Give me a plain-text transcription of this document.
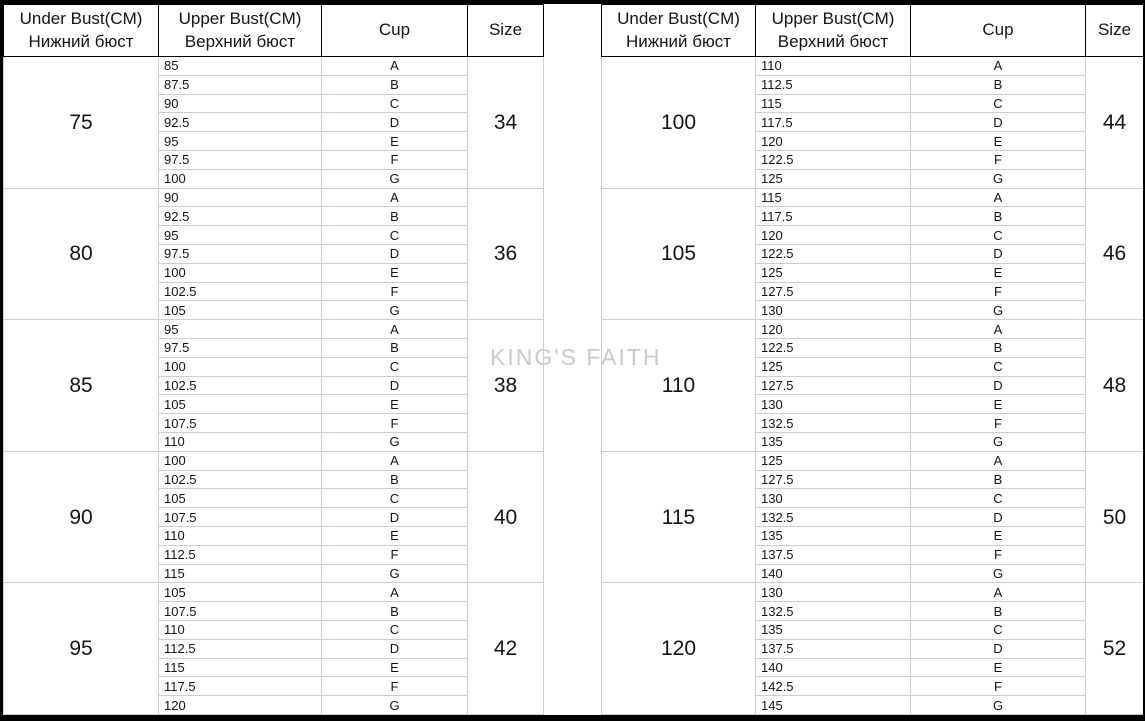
Under Bust(CM)
Нижний бюст	Upper Bust(CM)
Верхний бюст	Cup	Size
75	85	A	34
	87.5	B	
	90	C	
	92.5	D	
	95	E	
	97.5	F	
	100	G	
80	90	A	36
	92.5	B	
	95	C	
	97.5	D	
	100	E	
	102.5	F	
	105	G	
85	95	A	38
	97.5	B	
	100	C	
	102.5	D	
	105	E	
	107.5	F	
	110	G	
90	100	A	40
	102.5	B	
	105	C	
	107.5	D	
	110	E	
	112.5	F	
	115	G	
95	105	A	42
	107.5	B	
	110	C	
	112.5	D	
	115	E	
	117.5	F	
	120	G	
Under Bust(CM)
Нижний бюст	Upper Bust(CM)
Верхний бюст	Cup	Size
100	110	A	44
	112.5	B	
	115	C	
	117.5	D	
	120	E	
	122.5	F	
	125	G	
105	115	A	46
	117.5	B	
	120	C	
	122.5	D	
	125	E	
	127.5	F	
	130	G	
110	120	A	48
	122.5	B	
	125	C	
	127.5	D	
	130	E	
	132.5	F	
	135	G	
115	125	A	50
	127.5	B	
	130	C	
	132.5	D	
	135	E	
	137.5	F	
	140	G	
120	130	A	52
	132.5	B	
	135	C	
	137.5	D	
	140	E	
	142.5	F	
	145	G	
KING'S FAITH
